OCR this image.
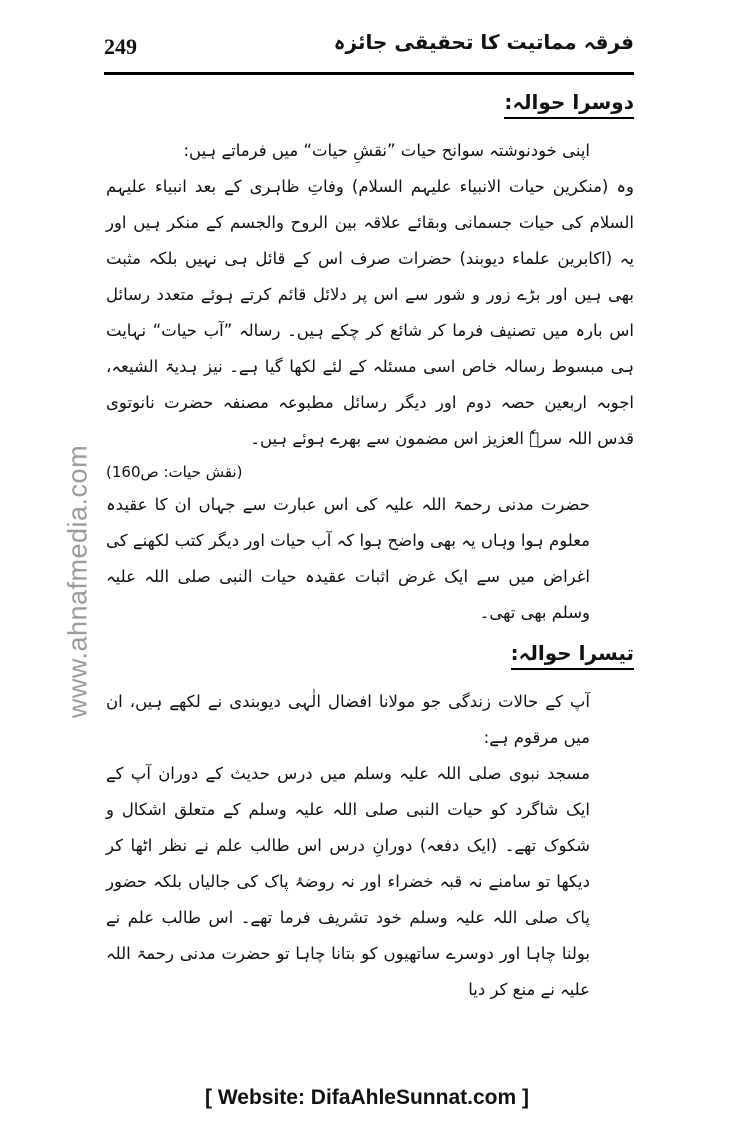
249	فرقہ مماتیت کا تحقیقی جائزہ
www.ahnafmedia.com
دوسرا حوالہ:

اپنی خودنوشتہ سوانح حیات ”نقشِ حیات“ میں فرماتے ہیں:

وہ (منکرین حیات الانبیاء علیہم السلام) وفاتِ ظاہری کے بعد انبیاء علیہم السلام کی حیات جسمانی وبقائے علاقہ بین الروح والجسم کے منکر ہیں اور یہ (اکابرین علماء دیوبند) حضرات صرف اس کے قائل ہی نہیں بلکہ مثبت بھی ہیں اور بڑے زور و شور سے اس پر دلائل قائم کرتے ہوئے متعدد رسائل اس بارہ میں تصنیف فرما کر شائع کر چکے ہیں۔ رسالہ ”آب حیات“ نہایت ہی مبسوط رسالہ خاص اسی مسئلہ کے لئے لکھا گیا ہے۔ نیز ہدیۃ الشیعہ، اجوبہ اربعین حصہ دوم اور دیگر رسائل مطبوعہ مصنفہ حضرت نانوتوی قدس اللہ سرہٗ العزیز اس مضمون سے بھرے ہوئے ہیں۔

(نقش حیات: ص160)

حضرت مدنی رحمۃ اللہ علیہ کی اس عبارت سے جہاں ان کا عقیدہ معلوم ہوا وہاں یہ بھی واضح ہوا کہ آب حیات اور دیگر کتب لکھنے کی اغراض میں سے ایک غرض اثبات عقیدہ حیات النبی صلی اللہ علیہ وسلم بھی تھی۔

تیسرا حوالہ:

آپ کے حالات زندگی جو مولانا افضال الٰہی دیوبندی نے لکھے ہیں، ان میں مرقوم ہے:

مسجد نبوی صلی اللہ علیہ وسلم میں درس حدیث کے دوران آپ کے ایک شاگرد کو حیات النبی صلی اللہ علیہ وسلم کے متعلق اشکال و شکوک تھے۔ (ایک دفعہ) دورانِ درس اس طالب علم نے نظر اٹھا کر دیکھا تو سامنے نہ قبہ خضراء اور نہ روضۂ پاک کی جالیاں بلکہ حضور پاک صلی اللہ علیہ وسلم خود تشریف فرما تھے۔ اس طالب علم نے بولنا چاہا اور دوسرے ساتھیوں کو بتانا چاہا تو حضرت مدنی رحمۃ اللہ علیہ نے منع کر دیا

[ Website: DifaAhleSunnat.com ]
